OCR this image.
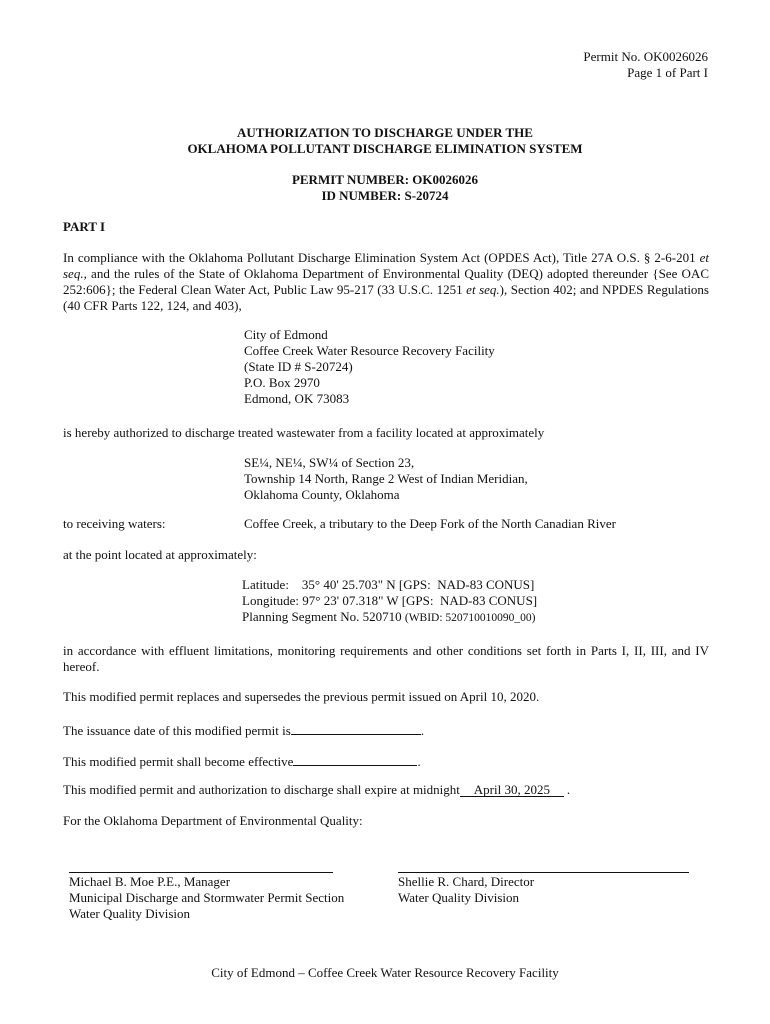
Permit No. OK0026026
Page 1 of Part I
AUTHORIZATION TO DISCHARGE UNDER THE
OKLAHOMA POLLUTANT DISCHARGE ELIMINATION SYSTEM
PERMIT NUMBER: OK0026026
ID NUMBER: S-20724
PART I
In compliance with the Oklahoma Pollutant Discharge Elimination System Act (OPDES Act), Title 27A O.S. § 2-6-201 et seq., and the rules of the State of Oklahoma Department of Environmental Quality (DEQ) adopted thereunder {See OAC 252:606}; the Federal Clean Water Act, Public Law 95-217 (33 U.S.C. 1251 et seq.), Section 402; and NPDES Regulations (40 CFR Parts 122, 124, and 403),
City of Edmond
Coffee Creek Water Resource Recovery Facility
(State ID # S-20724)
P.O. Box 2970
Edmond, OK 73083
is hereby authorized to discharge treated wastewater from a facility located at approximately
SE¼, NE¼, SW¼ of Section 23,
Township 14 North, Range 2 West of Indian Meridian,
Oklahoma County, Oklahoma
to receiving waters:	Coffee Creek, a tributary to the Deep Fork of the North Canadian River
at the point located at approximately:
Latitude:    35° 40' 25.703" N [GPS:  NAD-83 CONUS]
Longitude: 97° 23' 07.318" W [GPS:  NAD-83 CONUS]
Planning Segment No. 520710 (WBID: 520710010090_00)
in accordance with effluent limitations, monitoring requirements and other conditions set forth in Parts I, II, III, and IV hereof.
This modified permit replaces and supersedes the previous permit issued on April 10, 2020.
The issuance date of this modified permit is	.
This modified permit shall become effective	.
This modified permit and authorization to discharge shall expire at midnight April 30, 2025 .
For the Oklahoma Department of Environmental Quality:
Michael B. Moe P.E., Manager
Municipal Discharge and Stormwater Permit Section
Water Quality Division
Shellie R. Chard, Director
Water Quality Division
City of Edmond – Coffee Creek Water Resource Recovery Facility
